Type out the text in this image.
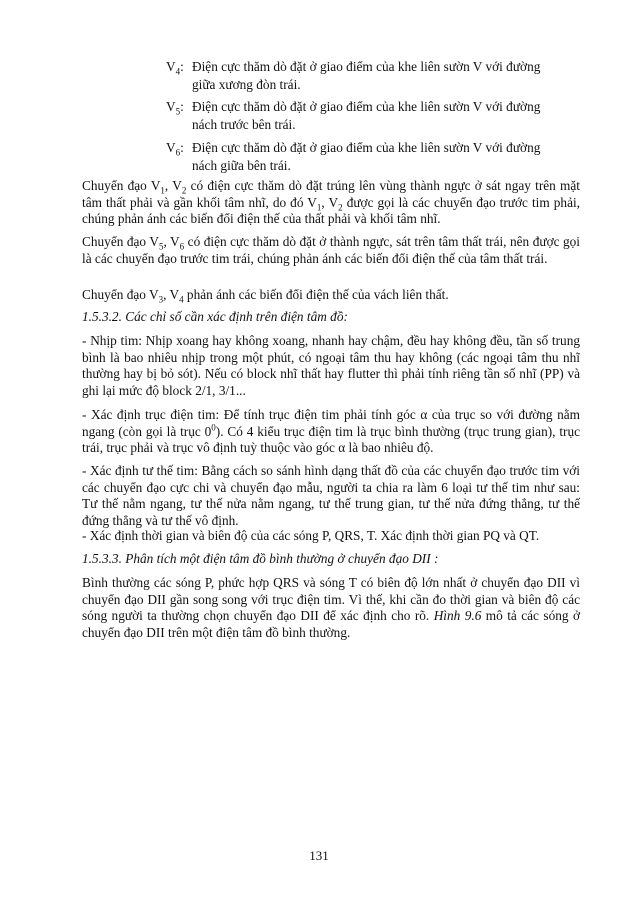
$V_4$: Điện cực thăm dò đặt ở giao điểm của khe liên sườn V với đường
giữa xương đòn trái.
$V_5$: Điện cực thăm dò đặt ở giao điểm của khe liên sườn V với đường
nách trước bên trái.
$V_6$: Điện cực thăm dò đặt ở giao điểm của khe liên sườn V với đường
nách giữa bên trái.

Chuyển đạo $V_1$, $V_2$ có điện cực thăm dò đặt trúng lên vùng thành ngực ở sát ngay trên mặt tâm thất phải và gần khối tâm nhĩ, do đó $V_1$, $V_2$ được gọi là các chuyển đạo trước tim phải, chúng phản ánh các biến đổi điện thế của thất phải và khối tâm nhĩ.

Chuyển đạo $V_5$, $V_6$ có điện cực thăm dò đặt ở thành ngực, sát trên tâm thất trái, nên được gọi là các chuyển đạo trước tim trái, chúng phản ánh các biến đổi điện thế của tâm thất trái.

Chuyển đạo $V_3$, $V_4$ phản ánh các biến đổi điện thế của vách liên thất.

1.5.3.2. Các chỉ số cần xác định trên điện tâm đồ:

- Nhịp tim: Nhịp xoang hay không xoang, nhanh hay chậm, đều hay không đều, tần số trung bình là bao nhiêu nhịp trong một phút, có ngoại tâm thu hay không (các ngoại tâm thu nhĩ thường hay bị bỏ sót). Nếu có block nhĩ thất hay flutter thì phải tính riêng tần số nhĩ (PP) và ghi lại mức độ block 2/1, 3/1...

- Xác định trục điện tim: Để tính trục điện tim phải tính góc α của trục so với đường nằm ngang (còn gọi là trục $0^0$). Có 4 kiểu trục điện tim là trục bình thường (trục trung gian), trục trái, trục phải và trục vô định tuỳ thuộc vào góc α là bao nhiêu độ.

- Xác định tư thế tim: Bằng cách so sánh hình dạng thất đồ của các chuyển đạo trước tim với các chuyển đạo cực chi và chuyển đạo mẫu, người ta chia ra làm 6 loại tư thế tim như sau: Tư thế nằm ngang, tư thế nửa nằm ngang, tư thế trung gian, tư thế nửa đứng thẳng, tư thế đứng thẳng và tư thế vô định.

- Xác định thời gian và biên độ của các sóng P, QRS, T. Xác định thời gian PQ và QT.

1.5.3.3. Phân tích một điện tâm đồ bình thường ở chuyển đạo DII :

Bình thường các sóng P, phức hợp QRS và sóng T có biên độ lớn nhất ở chuyển đạo DII vì chuyển đạo DII gần song song với trục điện tim. Vì thế, khi cần đo thời gian và biên độ các sóng người ta thường chọn chuyển đạo DII để xác định cho rõ. Hình 9.6 mô tả các sóng ở chuyển đạo DII trên một điện tâm đồ bình thường.

131
